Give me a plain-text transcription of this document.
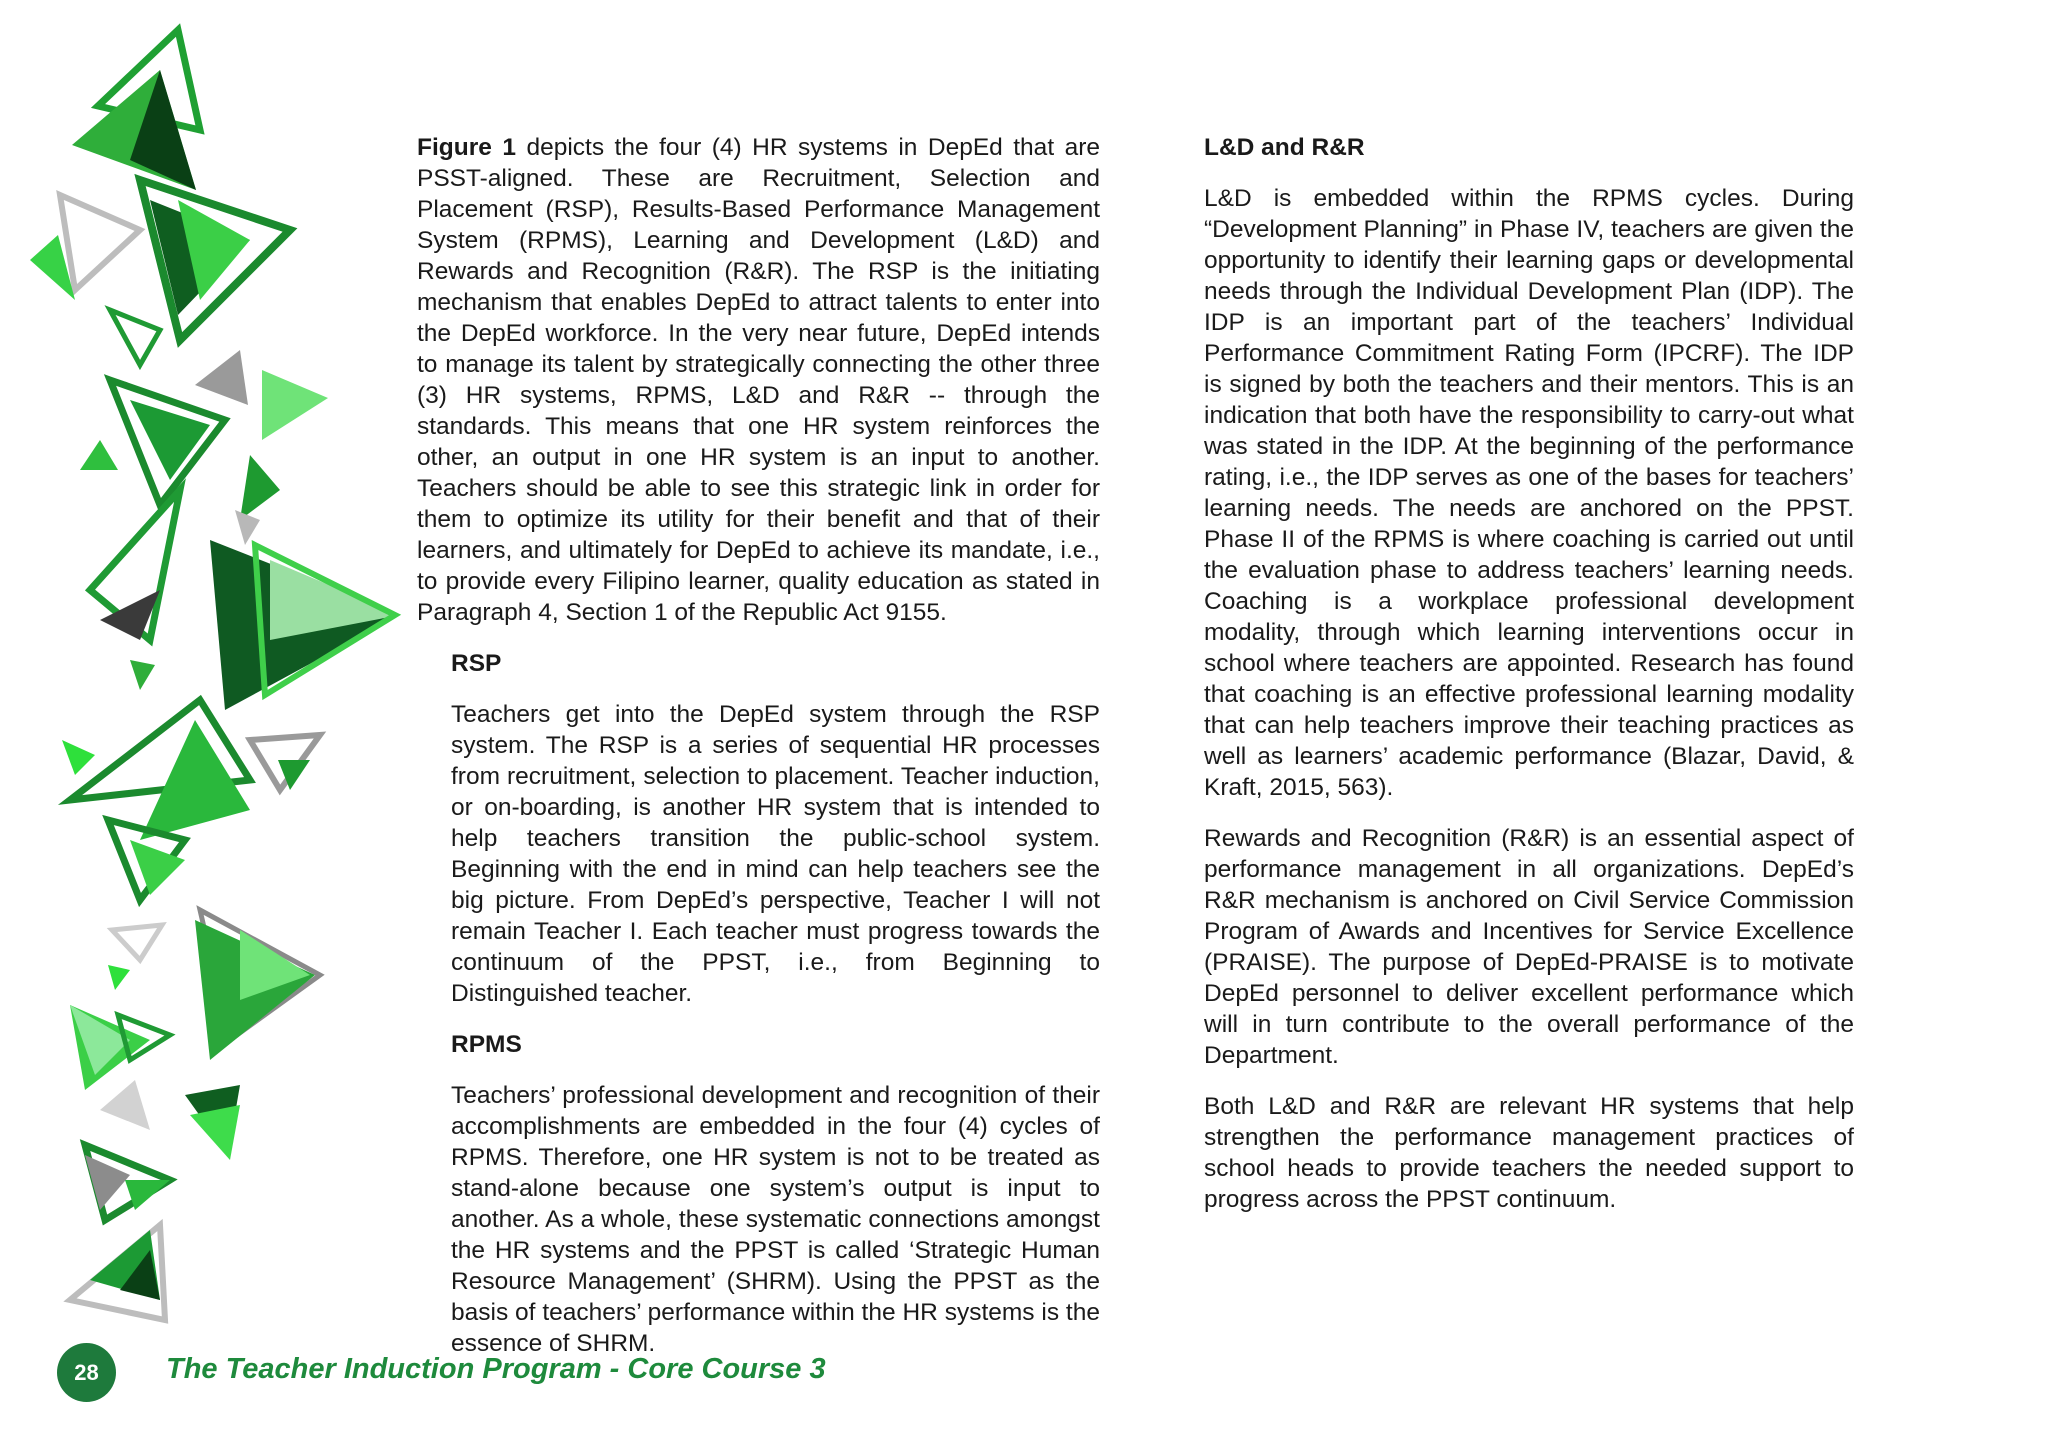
Figure 1 depicts the four (4) HR systems in DepEd that are PSST-aligned. These are Recruitment, Selection and Placement (RSP), Results-Based Performance Management System (RPMS), Learning and Development (L&D) and Rewards and Recognition (R&R). The RSP is the initiating mechanism that enables DepEd to attract talents to enter into the DepEd workforce. In the very near future, DepEd intends to manage its talent by strategically connecting the other three (3) HR systems, RPMS, L&D and R&R -- through the standards. This means that one HR system reinforces the other, an output in one HR system is an input to another. Teachers should be able to see this strategic link in order for them to optimize its utility for their benefit and that of their learners, and ultimately for DepEd to achieve its mandate, i.e., to provide every Filipino learner, quality education as stated in Paragraph 4, Section 1 of the Republic Act 9155.

RSP

Teachers get into the DepEd system through the RSP system. The RSP is a series of sequential HR processes from recruitment, selection to placement. Teacher induction, or on-boarding, is another HR system that is intended to help teachers transition the public-school system. Beginning with the end in mind can help teachers see the big picture. From DepEd’s perspective, Teacher I will not remain Teacher I. Each teacher must progress towards the continuum of the PPST, i.e., from Beginning to Distinguished teacher.

RPMS

Teachers’ professional development and recognition of their accomplishments are embedded in the four (4) cycles of RPMS. Therefore, one HR system is not to be treated as stand-alone because one system’s output is input to another. As a whole, these systematic connections amongst the HR systems and the PPST is called ‘Strategic Human Resource Management’ (SHRM). Using the PPST as the basis of teachers’ performance within the HR systems is the essence of SHRM.

L&D and R&R

L&D is embedded within the RPMS cycles. During “Development Planning” in Phase IV, teachers are given the opportunity to identify their learning gaps or developmental needs through the Individual Development Plan (IDP). The IDP is an important part of the teachers’ Individual Performance Commitment Rating Form (IPCRF). The IDP is signed by both the teachers and their mentors. This is an indication that both have the responsibility to carry-out what was stated in the IDP. At the beginning of the performance rating, i.e., the IDP serves as one of the bases for teachers’ learning needs. The needs are anchored on the PPST. Phase II of the RPMS is where coaching is carried out until the evaluation phase to address teachers’ learning needs. Coaching is a workplace professional development modality, through which learning interventions occur in school where teachers are appointed. Research has found that coaching is an effective professional learning modality that can help teachers improve their teaching practices as well as learners’ academic performance (Blazar, David, & Kraft, 2015, 563).

Rewards and Recognition (R&R) is an essential aspect of performance management in all organizations. DepEd’s R&R mechanism is anchored on Civil Service Commission Program of Awards and Incentives for Service Excellence (PRAISE). The purpose of DepEd-PRAISE is to motivate DepEd personnel to deliver excellent performance which will in turn contribute to the overall performance of the Department.

Both L&D and R&R are relevant HR systems that help strengthen the performance management practices of school heads to provide teachers the needed support to progress across the PPST continuum.

28	The Teacher Induction Program - Core Course 3
